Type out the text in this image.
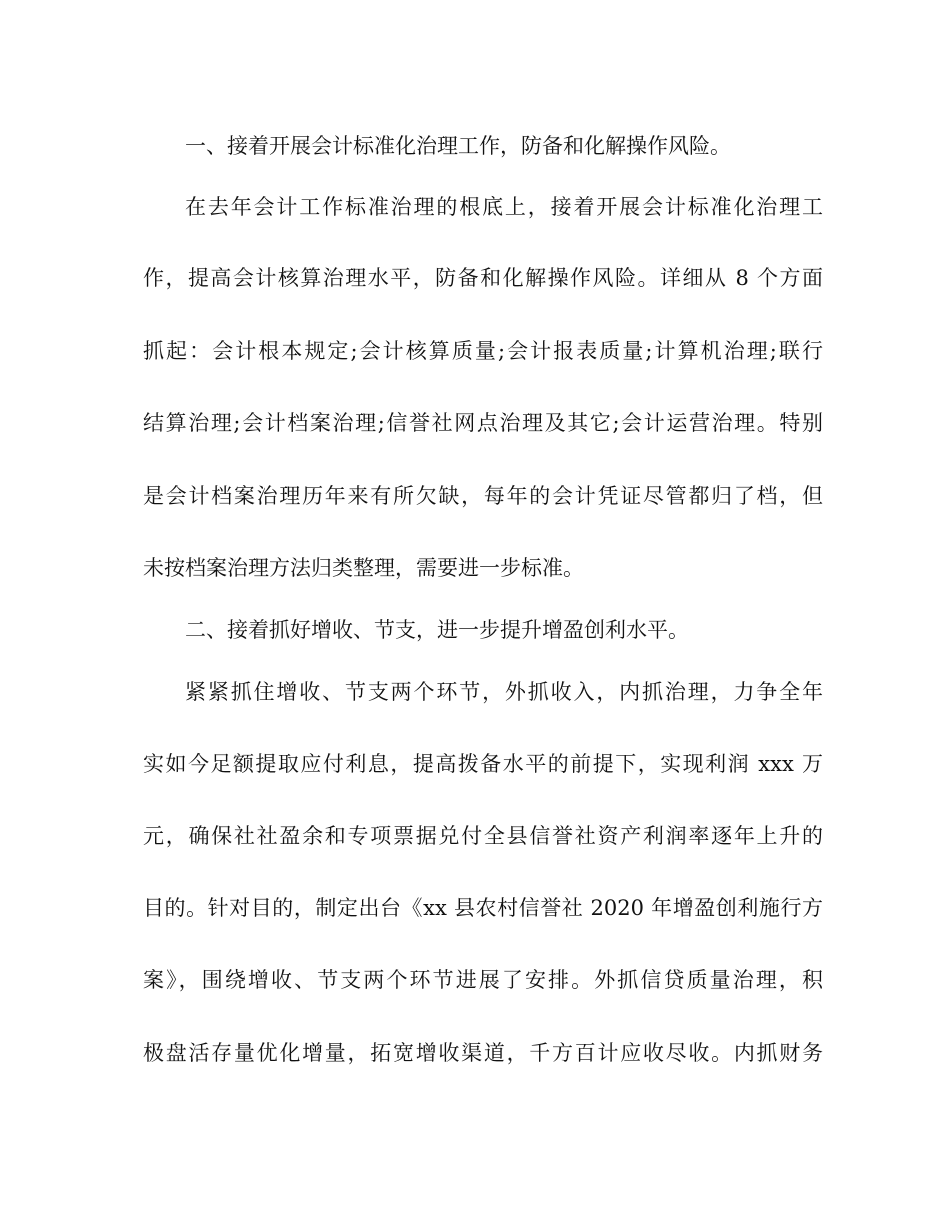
一、接着开展会计标准化治理工作，防备和化解操作风险。
在去年会计工作标准治理的根底上，接着开展会计标准化治理工
作，提高会计核算治理水平，防备和化解操作风险。详细从 8 个方面
抓起：会计根本规定;会计核算质量;会计报表质量;计算机治理;联行
结算治理;会计档案治理;信誉社网点治理及其它;会计运营治理。特别
是会计档案治理历年来有所欠缺，每年的会计凭证尽管都归了档，但
未按档案治理方法归类整理，需要进一步标准。
二、接着抓好增收、节支，进一步提升增盈创利水平。
紧紧抓住增收、节支两个环节，外抓收入，内抓治理，力争全年
实如今足额提取应付利息，提高拨备水平的前提下，实现利润 xxx 万
元，确保社社盈余和专项票据兑付全县信誉社资产利润率逐年上升的
目的。针对目的，制定出台《xx 县农村信誉社 2020 年增盈创利施行方
案》，围绕增收、节支两个环节进展了安排。外抓信贷质量治理，积
极盘活存量优化增量，拓宽增收渠道，千方百计应收尽收。内抓财务
